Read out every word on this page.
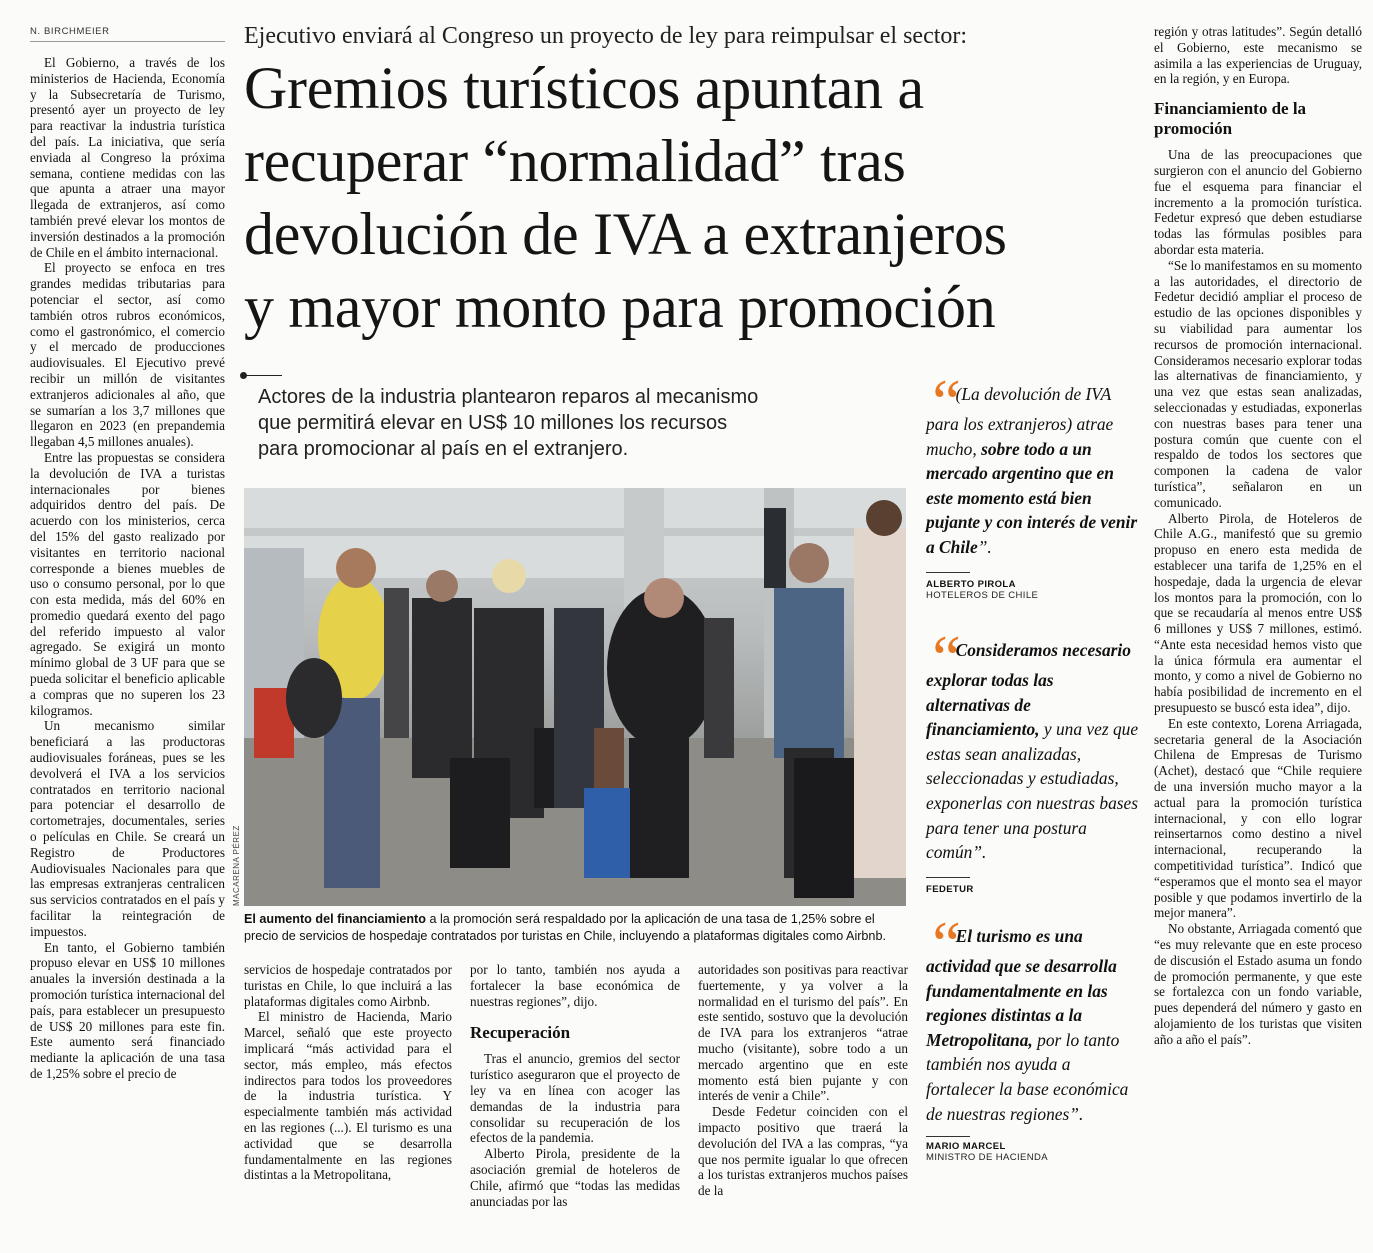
N. BIRCHMEIER

El Gobierno, a través de los ministerios de Hacienda, Economía y la Subsecretaría de Turismo, presentó ayer un proyecto de ley para reactivar la industria turística del país. La iniciativa, que sería enviada al Congreso la próxima semana, contiene medidas con las que apunta a atraer una mayor llegada de extranjeros, así como también prevé elevar los montos de inversión destinados a la promoción de Chile en el ámbito internacional.

El proyecto se enfoca en tres grandes medidas tributarias para potenciar el sector, así como también otros rubros económicos, como el gastronómico, el comercio y el mercado de producciones audiovisuales. El Ejecutivo prevé recibir un millón de visitantes extranjeros adicionales al año, que se sumarían a los 3,7 millones que llegaron en 2023 (en prepandemia llegaban 4,5 millones anuales).

Entre las propuestas se considera la devolución de IVA a turistas internacionales por bienes adquiridos dentro del país. De acuerdo con los ministerios, cerca del 15% del gasto realizado por visitantes en territorio nacional corresponde a bienes muebles de uso o consumo personal, por lo que con esta medida, más del 60% en promedio quedará exento del pago del referido impuesto al valor agregado. Se exigirá un monto mínimo global de 3 UF para que se pueda solicitar el beneficio aplicable a compras que no superen los 23 kilogramos.

Un mecanismo similar beneficiará a las productoras audiovisuales foráneas, pues se les devolverá el IVA a los servicios contratados en territorio nacional para potenciar el desarrollo de cortometrajes, documentales, series o películas en Chile. Se creará un Registro de Productores Audiovisuales Nacionales para que las empresas extranjeras centralicen sus servicios contratados en el país y facilitar la reintegración de impuestos.

En tanto, el Gobierno también propuso elevar en US$ 10 millones anuales la inversión destinada a la promoción turística internacional del país, para establecer un presupuesto de US$ 20 millones para este fin. Este aumento será financiado mediante la aplicación de una tasa de 1,25% sobre el precio de

Ejecutivo enviará al Congreso un proyecto de ley para reimpulsar el sector:
Gremios turísticos apuntan a
recuperar “normalidad” tras
devolución de IVA a extranjeros
y mayor monto para promoción
Actores de la industria plantearon reparos al mecanismo
que permitirá elevar en US$ 10 millones los recursos
para promocionar al país en el extranjero.
MACARENA PÉREZ
El aumento del financiamiento a la promoción será respaldado por la aplicación de una tasa de 1,25% sobre el precio de servicios de hospedaje contratados por turistas en Chile, incluyendo a plataformas digitales como Airbnb.

servicios de hospedaje contratados por turistas en Chile, lo que incluirá a las plataformas digitales como Airbnb.

El ministro de Hacienda, Mario Marcel, señaló que este proyecto implicará “más actividad para el sector, más empleo, más efectos indirectos para todos los proveedores de la industria turística. Y especialmente también más actividad en las regiones (...). El turismo es una actividad que se desarrolla fundamentalmente en las regiones distintas a la Metropolitana,

por lo tanto, también nos ayuda a fortalecer la base económica de nuestras regiones”, dijo.

Recuperación

Tras el anuncio, gremios del sector turístico aseguraron que el proyecto de ley va en línea con acoger las demandas de la industria para consolidar su recuperación de los efectos de la pandemia.

Alberto Pirola, presidente de la asociación gremial de hoteleros de Chile, afirmó que “todas las medidas anunciadas por las

autoridades son positivas para reactivar fuertemente, y ya volver a la normalidad en el turismo del país”. En este sentido, sostuvo que la devolución de IVA para los extranjeros “atrae mucho (visitante), sobre todo a un mercado argentino que en este momento está bien pujante y con interés de venir a Chile”.

Desde Fedetur coinciden con el impacto positivo que traerá la devolución del IVA a las compras, “ya que nos permite igualar lo que ofrecen a los turistas extranjeros muchos países de la

“ (La devolución de IVA para los extranjeros) atrae mucho, sobre todo a un mercado argentino que en este momento está bien pujante y con interés de venir a Chile”.
ALBERTO PIROLA
HOTELEROS DE CHILE
“ Consideramos necesario explorar todas las alternativas de financiamiento, y una vez que estas sean analizadas, seleccionadas y estudiadas, exponerlas con nuestras bases para tener una postura común”.
FEDETUR
“ El turismo es una actividad que se desarrolla fundamentalmente en las regiones distintas a la Metropolitana, por lo tanto también nos ayuda a fortalecer la base económica de nuestras regiones”.
MARIO MARCEL
MINISTRO DE HACIENDA

región y otras latitudes”. Según detalló el Gobierno, este mecanismo se asimila a las experiencias de Uruguay, en la región, y en Europa.

Financiamiento de la promoción

Una de las preocupaciones que surgieron con el anuncio del Gobierno fue el esquema para financiar el incremento a la promoción turística. Fedetur expresó que deben estudiarse todas las fórmulas posibles para abordar esta materia.

“Se lo manifestamos en su momento a las autoridades, el directorio de Fedetur decidió ampliar el proceso de estudio de las opciones disponibles y su viabilidad para aumentar los recursos de promoción internacional. Consideramos necesario explorar todas las alternativas de financiamiento, y una vez que estas sean analizadas, seleccionadas y estudiadas, exponerlas con nuestras bases para tener una postura común que cuente con el respaldo de todos los sectores que componen la cadena de valor turística”, señalaron en un comunicado.

Alberto Pirola, de Hoteleros de Chile A.G., manifestó que su gremio propuso en enero esta medida de establecer una tarifa de 1,25% en el hospedaje, dada la urgencia de elevar los montos para la promoción, con lo que se recaudaría al menos entre US$ 6 millones y US$ 7 millones, estimó. “Ante esta necesidad hemos visto que la única fórmula era aumentar el monto, y como a nivel de Gobierno no había posibilidad de incremento en el presupuesto se buscó esta idea”, dijo.

En este contexto, Lorena Arriagada, secretaria general de la Asociación Chilena de Empresas de Turismo (Achet), destacó que “Chile requiere de una inversión mucho mayor a la actual para la promoción turística internacional, y con ello lograr reinsertarnos como destino a nivel internacional, recuperando la competitividad turística”. Indicó que “esperamos que el monto sea el mayor posible y que podamos invertirlo de la mejor manera”.

No obstante, Arriagada comentó que “es muy relevante que en este proceso de discusión el Estado asuma un fondo de promoción permanente, y que este se fortalezca con un fondo variable, pues dependerá del número y gasto en alojamiento de los turistas que visiten año a año el país”.
